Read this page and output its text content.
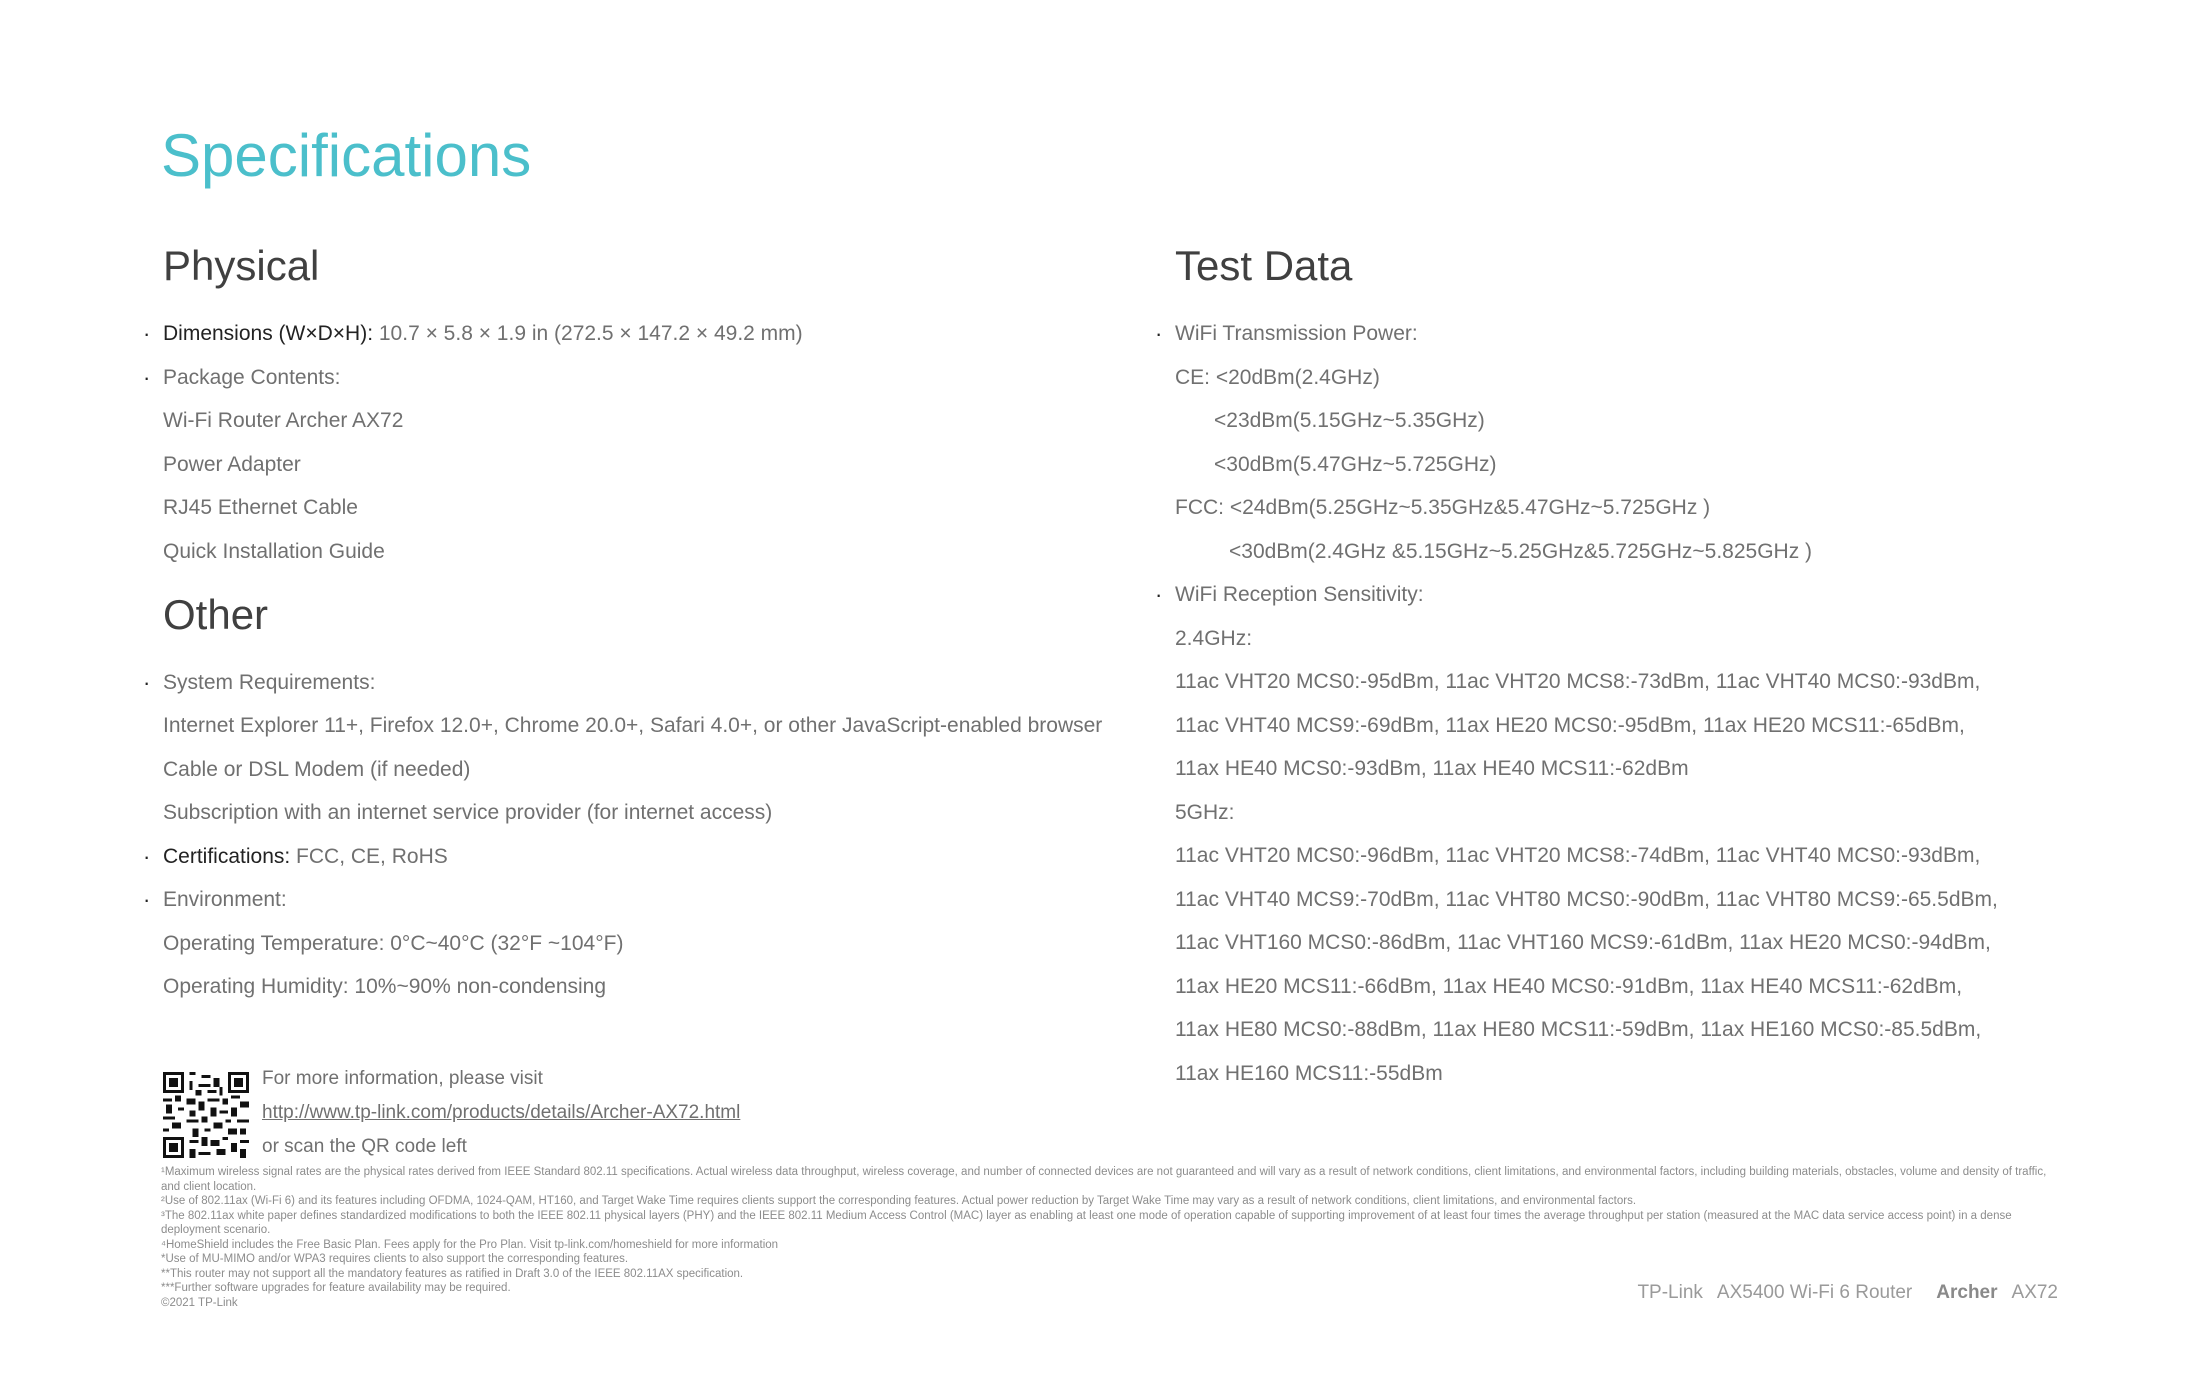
Specifications
Physical
· Dimensions (W×D×H): 10.7 × 5.8 × 1.9 in (272.5 × 147.2 × 49.2 mm)
· Package Contents:
Wi-Fi Router Archer AX72
Power Adapter
RJ45 Ethernet Cable
Quick Installation Guide
Other
· System Requirements:
Internet Explorer 11+, Firefox 12.0+, Chrome 20.0+, Safari 4.0+, or other JavaScript-enabled browser
Cable or DSL Modem (if needed)
Subscription with an internet service provider (for internet access)
· Certifications: FCC, CE, RoHS
· Environment:
Operating Temperature: 0°C~40°C (32°F ~104°F)
Operating Humidity: 10%~90% non-condensing
Test Data
· WiFi Transmission Power:
CE: <20dBm(2.4GHz)
<23dBm(5.15GHz~5.35GHz)
<30dBm(5.47GHz~5.725GHz)
FCC: <24dBm(5.25GHz~5.35GHz&5.47GHz~5.725GHz )
<30dBm(2.4GHz &5.15GHz~5.25GHz&5.725GHz~5.825GHz )
· WiFi Reception Sensitivity:
2.4GHz:
11ac VHT20 MCS0:-95dBm, 11ac VHT20 MCS8:-73dBm, 11ac VHT40 MCS0:-93dBm,
11ac VHT40 MCS9:-69dBm, 11ax HE20 MCS0:-95dBm, 11ax HE20 MCS11:-65dBm,
11ax HE40 MCS0:-93dBm, 11ax HE40 MCS11:-62dBm
5GHz:
11ac VHT20 MCS0:-96dBm, 11ac VHT20 MCS8:-74dBm, 11ac VHT40 MCS0:-93dBm,
11ac VHT40 MCS9:-70dBm, 11ac VHT80 MCS0:-90dBm, 11ac VHT80 MCS9:-65.5dBm,
11ac VHT160 MCS0:-86dBm, 11ac VHT160 MCS9:-61dBm, 11ax HE20 MCS0:-94dBm,
11ax HE20 MCS11:-66dBm, 11ax HE40 MCS0:-91dBm, 11ax HE40 MCS11:-62dBm,
11ax HE80 MCS0:-88dBm, 11ax HE80 MCS11:-59dBm, 11ax HE160 MCS0:-85.5dBm,
11ax HE160 MCS11:-55dBm
For more information, please visit
http://www.tp-link.com/products/details/Archer-AX72.html
or scan the QR code left
¹Maximum wireless signal rates are the physical rates derived from IEEE Standard 802.11 specifications. Actual wireless data throughput, wireless coverage, and number of connected devices are not guaranteed and will vary as a result of network conditions, client limitations, and environmental factors, including building materials, obstacles, volume and density of traffic, and client location.
²Use of 802.11ax (Wi-Fi 6) and its features including OFDMA, 1024-QAM, HT160, and Target Wake Time requires clients support the corresponding features. Actual power reduction by Target Wake Time may vary as a result of network conditions, client limitations, and environmental factors.
³The 802.11ax white paper defines standardized modifications to both the IEEE 802.11 physical layers (PHY) and the IEEE 802.11 Medium Access Control (MAC) layer as enabling at least one mode of operation capable of supporting improvement of at least four times the average throughput per station (measured at the MAC data service access point) in a dense deployment scenario.
⁴HomeShield includes the Free Basic Plan. Fees apply for the Pro Plan. Visit tp-link.com/homeshield for more information
*Use of MU-MIMO and/or WPA3 requires clients to also support the corresponding features.
**This router may not support all the mandatory features as ratified in Draft 3.0 of the IEEE 802.11AX specification.
***Further software upgrades for feature availability may be required.
©2021 TP-Link	TP-Link AX5400 Wi-Fi 6 Router Archer AX72
